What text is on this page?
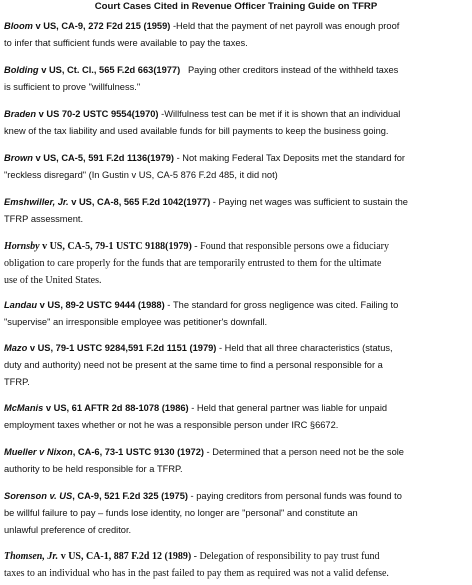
Court Cases Cited in Revenue Officer Training Guide on TFRP
Bloom v US, CA-9, 272 F2d 215 (1959) -Held that the payment of net payroll was enough proof
to infer that sufficient funds were available to pay the taxes.
Bolding v US, Ct. Cl., 565 F.2d 663(1977)   Paying other creditors instead of the withheld taxes
is sufficient to prove "willfulness."
Braden v US 70-2 USTC 9554(1970) -Willfulness test can be met if it is shown that an individual
knew of the tax liability and used available funds for bill payments to keep the business going.
Brown v US, CA-5, 591 F.2d 1136(1979) - Not making Federal Tax Deposits met the standard for
"reckless disregard" (In Gustin v US, CA-5 876 F.2d 485, it did not)
Emshwiller, Jr. v US, CA-8, 565 F.2d 1042(1977) - Paying net wages was sufficient to sustain the
TFRP assessment.
Hornsby v US, CA-5, 79-1 USTC 9188(1979) - Found that responsible persons owe a fiduciary
obligation to care properly for the funds that are temporarily entrusted to them for the ultimate
use of the United States.
Landau v US, 89-2 USTC 9444 (1988) - The standard for gross negligence was cited. Failing to
"supervise" an irresponsible employee was petitioner's downfall.
Mazo v US, 79-1 USTC 9284,591 F.2d 1151 (1979) - Held that all three characteristics (status,
duty and authority) need not be present at the same time to find a personal responsible for a
TFRP.
McManis v US, 61 AFTR 2d 88-1078 (1986) - Held that general partner was liable for unpaid
employment taxes whether or not he was a responsible person under IRC §6672.
Mueller v Nixon, CA-6, 73-1 USTC 9130 (1972) - Determined that a person need not be the sole
authority to be held responsible for a TFRP.
Sorenson v. US, CA-9, 521 F.2d 325 (1975) - paying creditors from personal funds was found to
be willful failure to pay – funds lose identity, no longer are "personal" and constitute an
unlawful preference of creditor.
Thomsen, Jr. v US, CA-1, 887 F.2d 12 (1989) - Delegation of responsibility to pay trust fund
taxes to an individual who has in the past failed to pay them as required was not a valid defense.
